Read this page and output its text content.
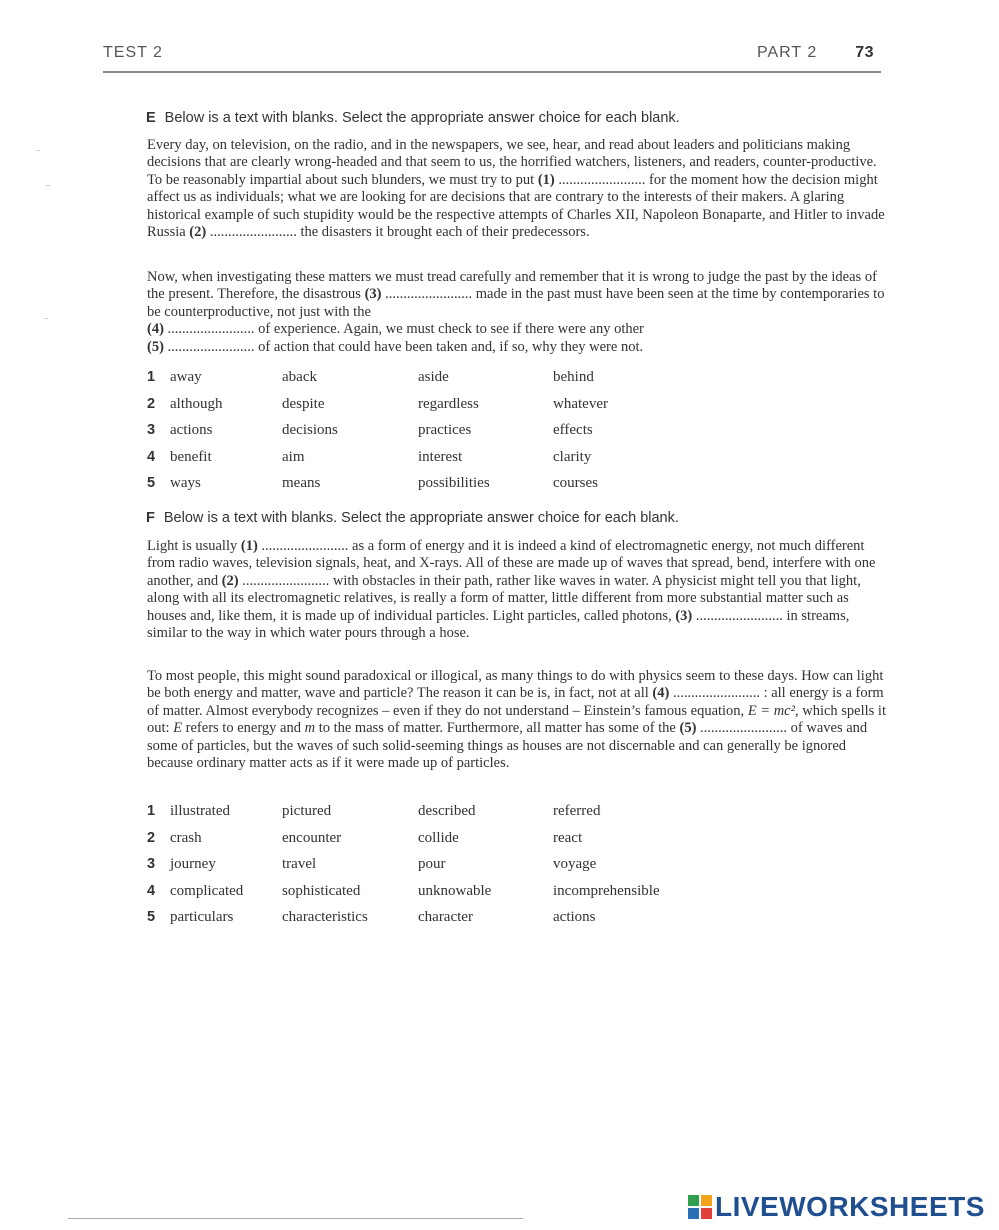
TEST 2	PART 2 73
E Below is a text with blanks. Select the appropriate answer choice for each blank.

Every day, on television, on the radio, and in the newspapers, we see, hear, and read about leaders and politicians making decisions that are clearly wrong-headed and that seem to us, the horrified watchers, listeners, and readers, counter-productive. To be reasonably impartial about such blunders, we must try to put (1) ........................ for the moment how the decision might affect us as individuals; what we are looking for are decisions that are contrary to the interests of their makers. A glaring historical example of such stupidity would be the respective attempts of Charles XII, Napoleon Bonaparte, and Hitler to invade Russia (2) ........................ the disasters it brought each of their predecessors.

Now, when investigating these matters we must tread carefully and remember that it is wrong to judge the past by the ideas of the present. Therefore, the disastrous (3) ........................ made in the past must have been seen at the time by contemporaries to be counterproductive, not just with the
(4) ........................ of experience. Again, we must check to see if there were any other
(5) ........................ of action that could have been taken and, if so, why they were not.

1 away	aback	aside	behind
2 although	despite	regardless	whatever
3 actions	decisions	practices	effects
4 benefit	aim	interest	clarity
5 ways	means	possibilities	courses
F Below is a text with blanks. Select the appropriate answer choice for each blank.

Light is usually (1) ........................ as a form of energy and it is indeed a kind of electromagnetic energy, not much different from radio waves, television signals, heat, and X-rays. All of these are made up of waves that spread, bend, interfere with one another, and (2) ........................ with obstacles in their path, rather like waves in water. A physicist might tell you that light, along with all its electromagnetic relatives, is really a form of matter, little different from more substantial matter such as houses and, like them, it is made up of individual particles. Light particles, called photons, (3) ........................ in streams, similar to the way in which water pours through a hose.

To most people, this might sound paradoxical or illogical, as many things to do with physics seem to these days. How can light be both energy and matter, wave and particle? The reason it can be is, in fact, not at all (4) ........................ : all energy is a form of matter. Almost everybody recognizes – even if they do not understand – Einstein’s famous equation, E = mc², which spells it out: E refers to energy and m to the mass of matter. Furthermore, all matter has some of the (5) ........................ of waves and some of particles, but the waves of such solid-seeming things as houses are not discernable and can generally be ignored because ordinary matter acts as if it were made up of particles.

1 illustrated	pictured	described	referred
2 crash	encounter	collide	react
3 journey	travel	pour	voyage
4 complicated	sophisticated	unknowable	incomprehensible
5 particulars	characteristics	character	actions
LIVEWORKSHEETS
